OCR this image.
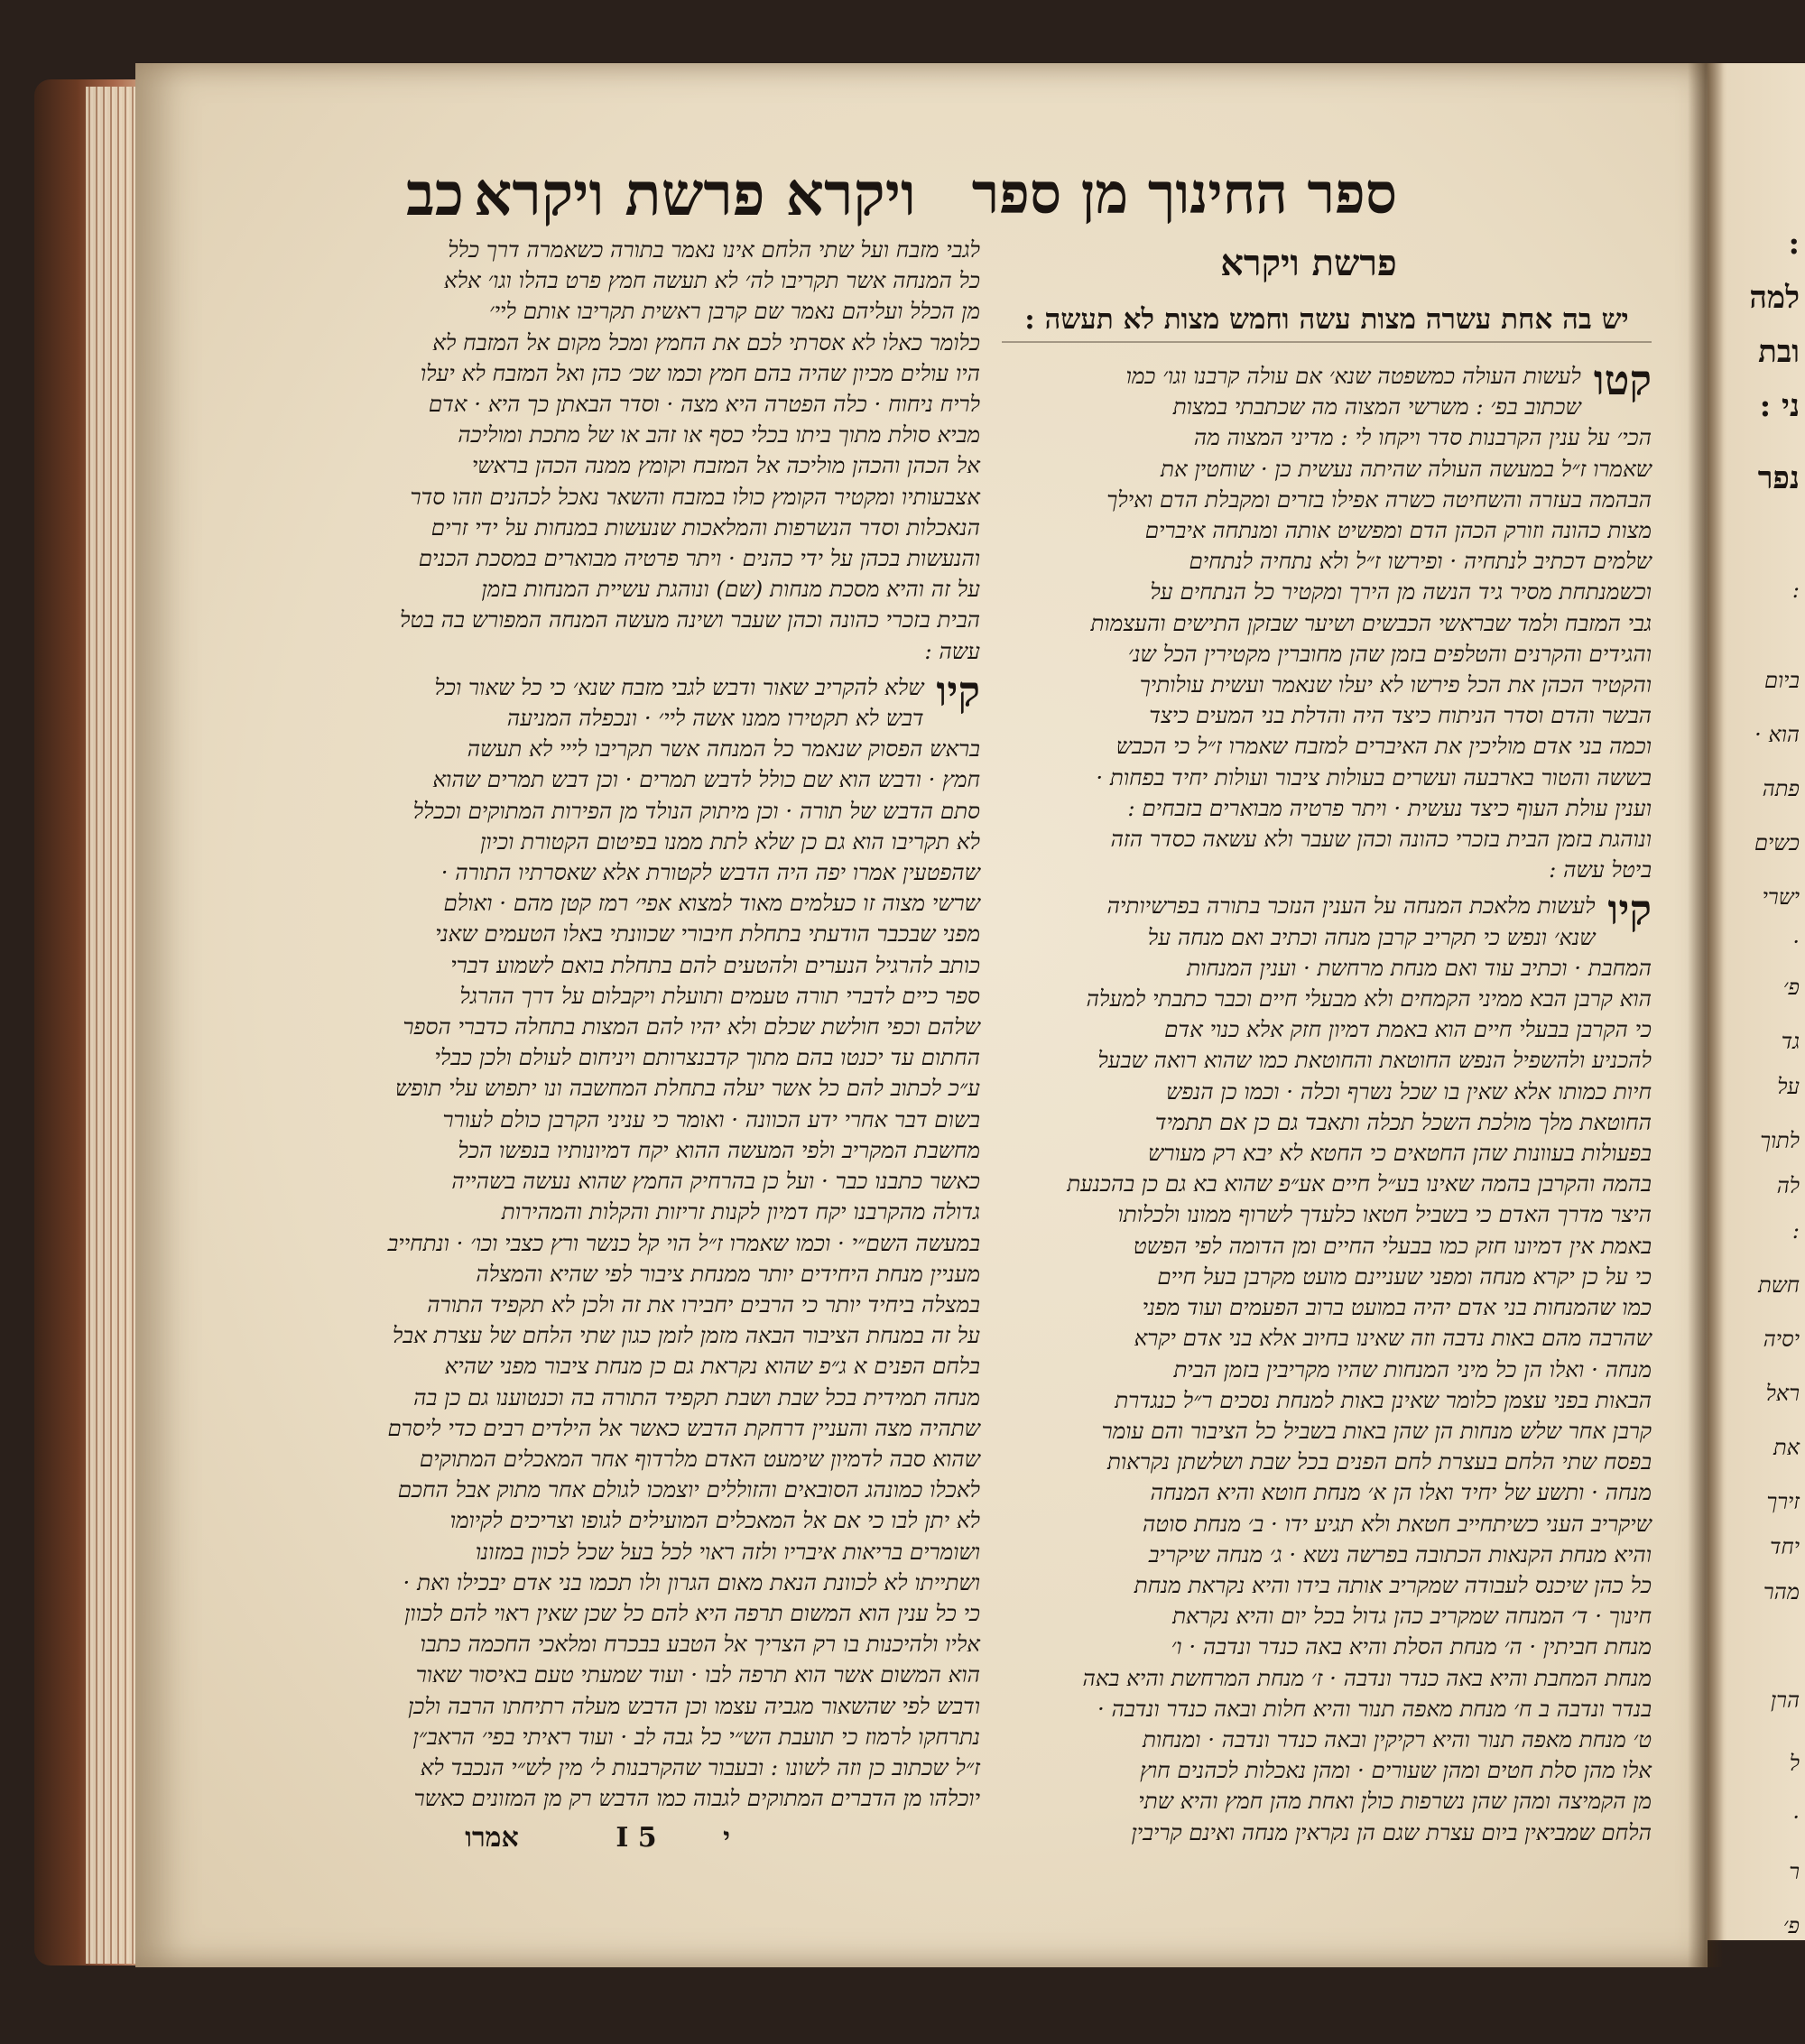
כב ויקרא פרשת ויקרא ספר החינוך מן ספר
פרשת ויקרא
יש בה אחת עשרה מצות עשה וחמש מצות לא תעשה :
קטו
לעשות העולה כמשפטה שנא׳ אם עולה קרבנו וגו׳ כמו
שכתוב בפ׳ : משרשי המצוה מה שכתבתי במצות
הכי׳ על ענין הקרבנות סדר ויקחו לי : מדיני המצוה מה
שאמרו ז״ל במעשה העולה שהיתה נעשית כן · שוחטין את
הבהמה בעזרה והשחיטה כשרה אפילו בזרים ומקבלת הדם ואילך
מצות כהונה וזורק הכהן הדם ומפשיט אותה ומנתחה איברים
שלמים דכתיב לנתחיה · ופירשו ז״ל ולא נתחיה לנתחים
וכשמנתחת מסיר גיד הנשה מן הירך ומקטיר כל הנתחים על
גבי המזבח ולמד שבראשי הכבשים ושיער שבזקן התישים והעצמות
והגידים והקרנים והטלפים בזמן שהן מחוברין מקטירין הכל שנ׳
והקטיר הכהן את הכל פירשו לא יעלו שנאמר ועשית עולותיך
הבשר והדם וסדר הניתוח כיצד היה והדלת בני המעים כיצד
וכמה בני אדם מוליכין את האיברים למזבח שאמרו ז״ל כי הכבש
בששה והטור בארבעה ועשרים בעולות ציבור ועולות יחיד בפחות ·
וענין עולת העוף כיצד נעשית · ויתר פרטיה מבוארים בזבחים :
ונוהגת בזמן הבית בזכרי כהונה וכהן שעבר ולא עשאה כסדר הזה
ביטל עשה :
קיו
לעשות מלאכת המנחה על הענין הנזכר בתורה בפרשיותיה
שנא׳ ונפש כי תקריב קרבן מנחה וכתיב ואם מנחה על
המחבת · וכתיב עוד ואם מנחת מרחשת · וענין המנחות
הוא קרבן הבא ממיני הקמחים ולא מבעלי חיים וכבר כתבתי למעלה
כי הקרבן בבעלי חיים הוא באמת דמיון חזק אלא כנוי אדם
להכניע ולהשפיל הנפש החוטאת והחוטאת כמו שהוא רואה שבעל
חיות כמותו אלא שאין בו שכל נשרף וכלה · וכמו כן הנפש
החוטאת מלך מולכת השכל תכלה ותאבד גם כן אם תתמיד
בפעולות בעוונות שהן החטאים כי החטא לא יבא רק מעורש
בהמה והקרבן בהמה שאינו בע״ל חיים אע״פ שהוא בא גם כן בהכנעת
היצר מדרך האדם כי בשביל חטאו כלעדך לשרוף ממונו ולכלותו
באמת אין דמיונו חזק כמו בבעלי החיים ומן הדומה לפי הפשט
כי על כן יקרא מנחה ומפני שעניינם מועט מקרבן בעל חיים
כמו שהמנחות בני אדם יהיה במועט ברוב הפעמים ועוד מפני
שהרבה מהם באות נדבה וזה שאינו בחיוב אלא בני אדם יקרא
מנחה · ואלו הן כל מיני המנחות שהיו מקריבין בזמן הבית
הבאות בפני עצמן כלומר שאינן באות למנחת נסכים ר״ל כנגדרת
קרבן אחר שלש מנחות הן שהן באות בשביל כל הציבור והם עומר
בפסח שתי הלחם בעצרת לחם הפנים בכל שבת ושלשתן נקראות
מנחה · ותשע של יחיד ואלו הן א׳ מנחת חוטא והיא המנחה
שיקריב העני כשיתחייב חטאת ולא תגיע ידו · ב׳ מנחת סוטה
והיא מנחת הקנאות הכתובה בפרשה נשא · ג׳ מנחה שיקריב
כל כהן שיכנס לעבודה שמקריב אותה בידו והיא נקראת מנחת
חינוך · ד׳ המנחה שמקריב כהן גדול בכל יום והיא נקראת
מנחת חביתין · ה׳ מנחת הסלת והיא באה כנדר ונדבה · ו׳
מנחת המחבת והיא באה כנדר ונדבה · ז׳ מנחת המרחשת והיא באה
בנדר ונדבה ב ח׳ מנחת מאפה תנור והיא חלות ובאה כנדר ונדבה ·
ט׳ מנחת מאפה תנור והיא רקיקין ובאה כנדר ונדבה · ומנחות
אלו מהן סלת חטים ומהן שעורים · ומהן נאכלות לכהנים חוץ
מן הקמיצה ומהן שהן נשרפות כולן ואחת מהן חמץ והיא שתי
הלחם שמביאין ביום עצרת שגם הן נקראין מנחה ואינם קריבין
לגבי מזבח ועל שתי הלחם אינו נאמר בתורה כשאמרה דרך כלל
כל המנחה אשר תקריבו לה׳ לא תעשה חמץ פרט בהלו וגו׳ אלא
מן הכלל ועליהם נאמר שם קרבן ראשית תקריבו אותם ליי׳
כלומר כאלו לא אסרתי לכם את החמץ ומכל מקום אל המזבח לא
היו עולים מכיון שהיה בהם חמץ וכמו שכ׳ כהן ואל המזבח לא יעלו
לריח ניחוח · כלה הפטרה היא מצה · וסדר הבאתן כך היא · אדם
מביא סולת מתוך ביתו בכלי כסף או זהב או של מתכת ומוליכה
אל הכהן והכהן מוליכה אל המזבח וקומץ ממנה הכהן בראשי
אצבעותיו ומקטיר הקומץ כולו במזבח והשאר נאכל לכהנים וזהו סדר
הנאכלות וסדר הנשרפות והמלאכות שנעשות במנחות על ידי זרים
והנעשות בכהן על ידי כהנים · ויתר פרטיה מבוארים במסכת הכנים
על זה והיא מסכת מנחות (שם) ונוהגת עשיית המנחות בזמן
הבית בזכרי כהונה וכהן שעבר ושינה מעשה המנחה המפורש בה בטל
עשה :
קיו
שלא להקריב שאור ודבש לגבי מזבח שנא׳ כי כל שאור וכל
דבש לא תקטירו ממנו אשה ליי׳ · ונכפלה המניעה
בראש הפסוק שנאמר כל המנחה אשר תקריבו לייי לא תעשה
חמץ · ודבש הוא שם כולל לדבש תמרים · וכן דבש תמרים שהוא
סתם הדבש של תורה · וכן מיתוק הנולד מן הפירות המתוקים וככלל
לא תקריבו הוא גם כן שלא לתת ממנו בפיטום הקטורת וכיון
שהפטעין אמרו יפה היה הדבש לקטורת אלא שאסרתיו התורה ·
שרשי מצוה זו כעלמים מאוד למצוא אפי׳ רמז קטן מהם · ואולם
מפני שבכבר הודעתי בתחלת חיבורי שכוונתי באלו הטעמים שאני
כותב להרגיל הנערים ולהטעים להם בתחלת בואם לשמוע דברי
ספר כיים לדברי תורה טעמים ותועלת ויקבלום על דרך ההרגל
שלהם וכפי חולשת שכלם ולא יהיו להם המצות בתחלה כדברי הספר
החתום עד יכנטו בהם מתוך קדבנצרותם ויניחום לעולם ולכן כבלי
ע״כ לכתוב להם כל אשר יעלה בתחלת המחשבה ונו יתפוש עלי תופש
בשום דבר אחרי ידע הכוונה · ואומר כי עניני הקרבן כולם לעורר
מחשבת המקריב ולפי המעשה ההוא יקח דמיונותיו בנפשו הכל
כאשר כתבנו כבר · ועל כן בהרחיק החמץ שהוא נעשה בשהייה
גדולה מהקרבנו יקח דמיון לקנות זריזות והקלות והמהירות
במעשה השם״י · וכמו שאמרו ז״ל הוי קל כנשר ורץ כצבי וכו׳ · ונתחייב
מעניין מנחת היחידים יותר ממנחת ציבור לפי שהיא והמצלה
במצלה ביחיד יותר כי הרבים יחבירו את זה ולכן לא תקפיד התורה
על זה במנחת הציבור הבאה מזמן לזמן כגון שתי הלחם של עצרת אבל
בלחם הפנים א ג״פ שהוא נקראת גם כן מנחת ציבור מפני שהיא
מנחה תמידית בכל שבת ושבת תקפיד התורה בה וכנטוענו גם כן בה
שתהיה מצה והעניין דרחקת הדבש כאשר אל הילדים רבים כדי ליסרם
שהוא סבה לדמיון שימעט האדם מלרדוף אחר המאכלים המתוקים
לאכלו כמונהג הסובאים והזוללים יוצמכו לגולם אחר מתוק אבל החכם
לא יתן לבו כי אם אל המאכלים המועילים לגופו וצריכים לקיומו
ושומרים בריאות איבריו ולזה ראוי לכל בעל שכל לכוון במזונו
ושתייתו לא לכוונת הנאת מאום הגרון ולו תכמו בני אדם יבכילו ואת ·
כי כל ענין הוא המשום תרפה היא להם כל שכן שאין ראוי להם לכוון
אליו ולהיכנות בו רק הצריך אל הטבע בבכרח ומלאכי החכמה כתבו
הוא המשום אשר הוא תרפה לבו · ועוד שמעתי טעם באיסור שאור
ודבש לפי שהשאור מגביה עצמו וכן הדבש מעלה רתיחתו הרבה ולכן
נתרחקו לרמוז כי תועבת הש״י כל גבה לב · ועוד ראיתי בפי׳ הראב״ן
ז״ל שכתוב כן וזה לשונו : ובעבור שהקרבנות ל׳ מין לש״י הנכבד לא
יוכלהו מן הדברים המתוקים לגבוה כמו הדבש רק מן המזונים כאשר
אמרו	I 5	י
:
למה
ובת
ני :
נפר
:
ביום
הוא ·
פתה
כשים
ישרי
·
פ׳
גד
על
לתוך
לה
:
חשת
יסיה
ראל
את
זירך
יחד
מהר
הרן
ל
·
ר
פ׳
